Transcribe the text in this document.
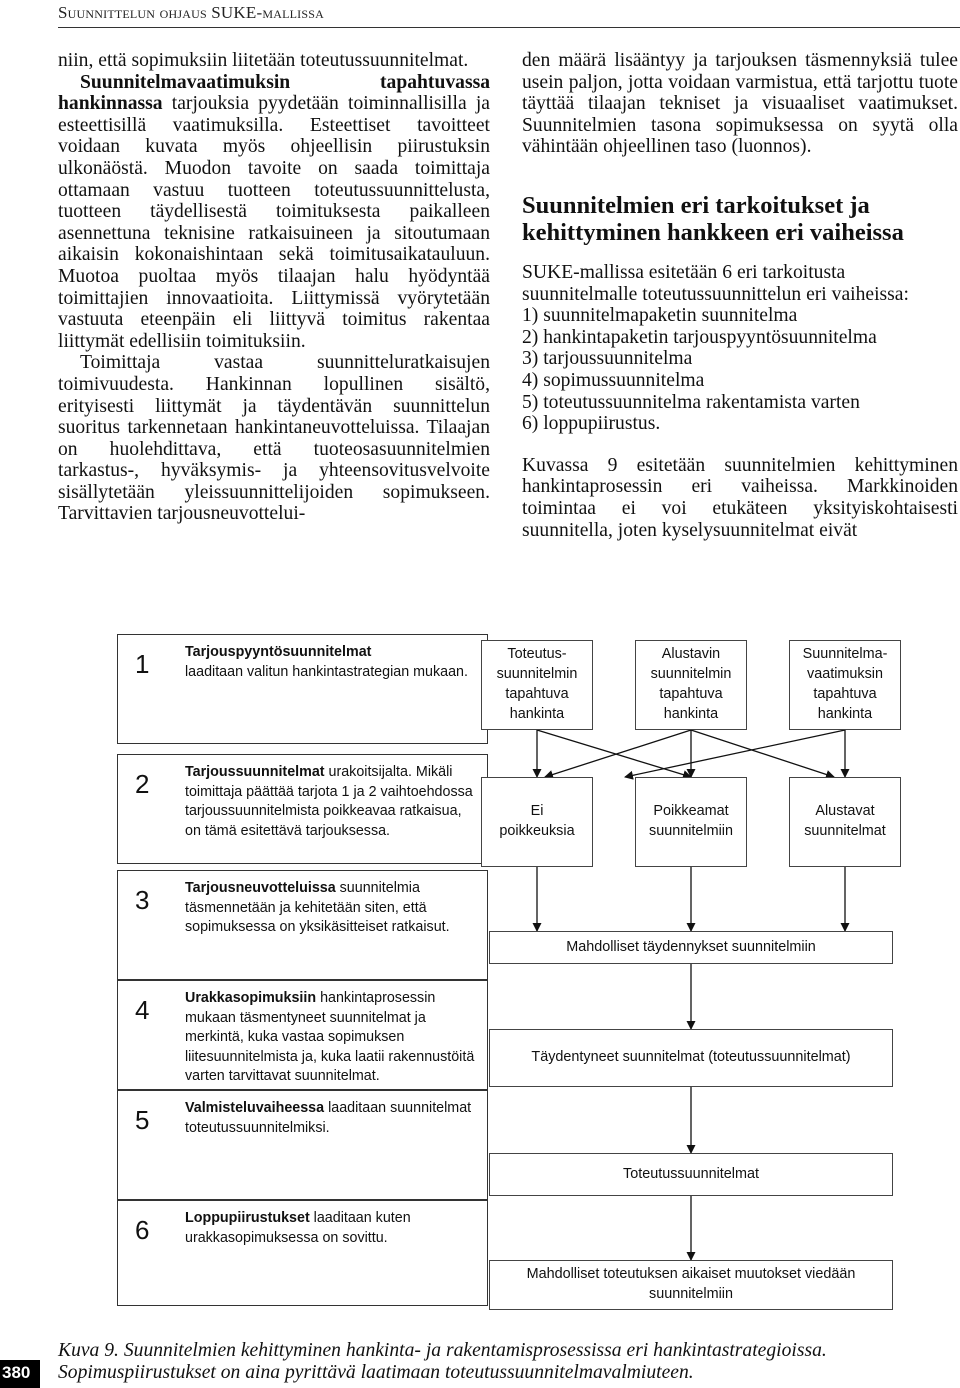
Suunnittelun ohjaus SUKE-mallissa

niin, että sopimuksiin liitetään toteutussuunnitelmat.

Suunnitelmavaatimuksin tapahtuvassa hankinnassa tarjouksia pyydetään toiminnallisilla ja esteettisillä vaatimuksilla. Esteettiset tavoitteet voidaan kuvata myös ohjeellisin piirustuksin ulkonäöstä. Muodon tavoite on saada toimittaja ottamaan vastuu tuotteen toteutussuunnittelusta, tuotteen täydellisestä toimituksesta paikalleen asennettuna teknisine ratkaisuineen ja sitoutumaan aikaisin kokonaishintaan sekä toimitusaikatauluun. Muotoa puoltaa myös tilaajan halu hyödyntää toimittajien innovaatioita. Liittymissä vyörytetään vastuuta eteenpäin eli liittyvä toimitus rakentaa liittymät edellisiin toimituksiin.

Toimittaja vastaa suunnitteluratkaisujen toimivuudesta. Hankinnan lopullinen sisältö, erityisesti liittymät ja täydentävän suunnittelun suoritus tarkennetaan hankintaneuvotteluissa. Tilaajan on huolehdittava, että tuoteosasuunnitelmien tarkastus-, hyväksymis- ja yhteensovitusvelvoite sisällytetään yleissuunnittelijoiden sopimukseen. Tarvittavien tarjousneuvottelui-

den määrä lisääntyy ja tarjouksen täsmennyksiä tulee usein paljon, jotta voidaan varmistua, että tarjottu tuote täyttää tilaajan tekniset ja visuaaliset vaatimukset. Suunnitelmien tasona sopimuksessa on syytä olla vähintään ohjeellinen taso (luonnos).

Suunnitelmien eri tarkoitukset ja kehittyminen hankkeen eri vaiheissa

SUKE-mallissa esitetään 6 eri tarkoitusta suunnitelmalle toteutussuunnittelun eri vaiheissa:

1) suunnitelmapaketin suunnitelma
2) hankintapaketin tarjouspyyntösuunnitelma
3) tarjoussuunnitelma
4) sopimussuunnitelma
5) toteutussuunnitelma rakentamista varten
6) loppupiirustus.

Kuvassa 9 esitetään suunnitelmien kehittyminen hankintaprosessin eri vaiheissa. Markkinoiden toimintaa ei voi etukäteen yksityiskohtaisesti suunnitella, joten kyselysuunnitelmat eivät

1 Tarjouspyyntösuunnitelmat
laaditaan valitun hankintastrategian mukaan.
2 Tarjoussuunnitelmat urakoitsijalta. Mikäli toimittaja päättää tarjota 1 ja 2 vaihtoehdossa tarjoussuunnitelmista poikkeavaa ratkaisua, on tämä esitettävä tarjouksessa.
3 Tarjousneuvotteluissa suunnitelmia täsmennetään ja kehitetään siten, että sopimuksessa on yksikäsitteiset ratkaisut.
4 Urakkasopimuksiin hankintaprosessin mukaan täsmentyneet suunnitelmat ja merkintä, kuka vastaa sopimuksen liitesuunnitelmista ja, kuka laatii rakennustöitä varten tarvittavat suunnitelmat.
5 Valmisteluvaiheessa laaditaan suunnitelmat toteutussuunnitelmiksi.
6 Loppupiirustukset laaditaan kuten urakkasopimuksessa on sovittu.
Toteutus-
suunnitelmin
tapahtuva
hankinta
Alustavin
suunnitelmin
tapahtuva
hankinta
Suunnitelma-
vaatimuksin
tapahtuva
hankinta
Ei
poikkeuksia
Poikkeamat
suunnitelmiin
Alustavat
suunnitelmat
Mahdolliset täydennykset suunnitelmiin
Täydentyneet suunnitelmat (toteutussuunnitelmat)
Toteutussuunnitelmat
Mahdolliset toteutuksen aikaiset muutokset viedään
suunnitelmiin
Kuva 9. Suunnitelmien kehittyminen hankinta- ja rakentamisprosessissa eri hankintastrategioissa.
Sopimuspiirustukset on aina pyrittävä laatimaan toteutussuunnitelmavalmiuteen.
380
